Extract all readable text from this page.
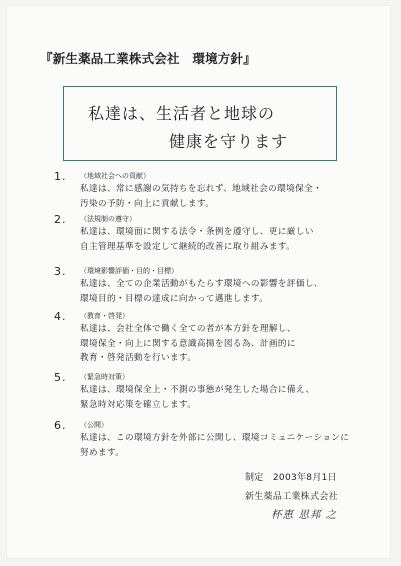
『新生薬品工業株式会社　環境方針』
私達は、生活者と地球の
健康を守ります
1. （地域社会への貢献）
私達は、常に感謝の気持ちを忘れず、地域社会の環境保全・
汚染の予防・向上に貢献します。
2. （法規制の遵守）
私達は、環境面に関する法令・条例を遵守し、更に厳しい
自主管理基準を設定して継続的改善に取り組みます。
3. （環境影響評価・目的・目標）
私達は、全ての企業活動がもたらす環境への影響を評価し、
環境目的・目標の達成に向かって邁進します。
4. （教育・啓発）
私達は、会社全体で働く全ての者が本方針を理解し、
環境保全・向上に関する意識高揚を図る為、計画的に
教育・啓発活動を行います。
5. （緊急時対策）
私達は、環境保全上・不測の事態が発生した場合に備え、
緊急時対応策を確立します。
6. （公開）
私達は、この環境方針を外部に公開し、環境コミュニケーションに
努めます。
制定　2003年8月1日
新生薬品工業株式会社
杯恵 思邦 之
